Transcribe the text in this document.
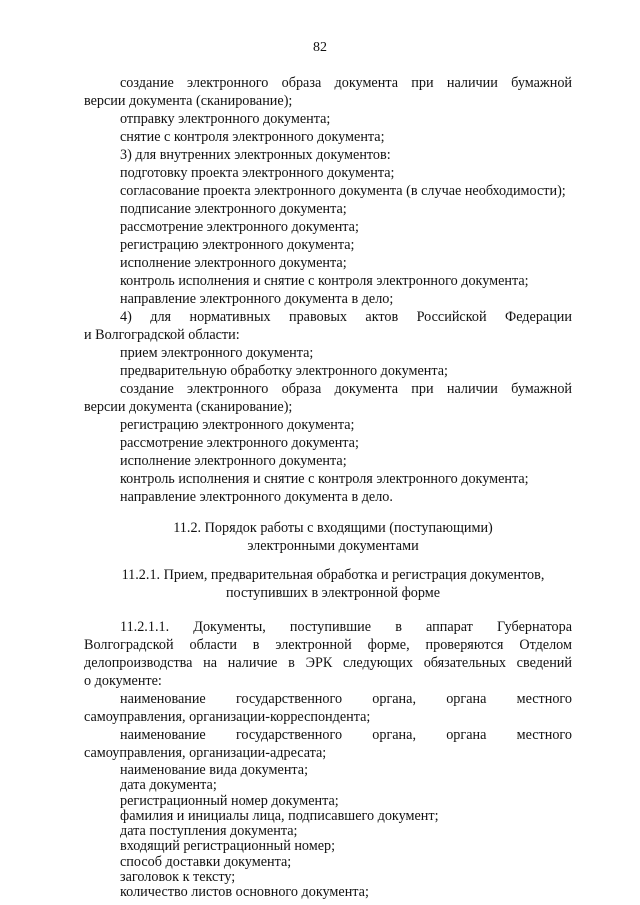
82
создание электронного образа документа при наличии бумажной
версии документа (сканирование);
отправку электронного документа;
снятие с контроля электронного документа;
3) для внутренних электронных документов:
подготовку проекта электронного документа;
согласование проекта электронного документа (в случае необходимости);
подписание электронного документа;
рассмотрение электронного документа;
регистрацию электронного документа;
исполнение электронного документа;
контроль исполнения и снятие с контроля электронного документа;
направление электронного документа в дело;
4) для нормативных правовых актов Российской Федерации
и Волгоградской области:
прием электронного документа;
предварительную обработку электронного документа;
создание электронного образа документа при наличии бумажной
версии документа (сканирование);
регистрацию электронного документа;
рассмотрение электронного документа;
исполнение электронного документа;
контроль исполнения и снятие с контроля электронного документа;
направление электронного документа в дело.
11.2. Порядок работы с входящими (поступающими)
электронными документами
11.2.1. Прием, предварительная обработка и регистрация документов,
поступивших в электронной форме
11.2.1.1. Документы, поступившие в аппарат Губернатора
Волгоградской области в электронной форме, проверяются Отделом
делопроизводства на наличие в ЭРК следующих обязательных сведений
о документе:
наименование государственного органа, органа местного
самоуправления, организации-корреспондента;
наименование государственного органа, органа местного
самоуправления, организации-адресата;
наименование вида документа;
дата документа;
регистрационный номер документа;
фамилия и инициалы лица, подписавшего документ;
дата поступления документа;
входящий регистрационный номер;
способ доставки документа;
заголовок к тексту;
количество листов основного документа;
